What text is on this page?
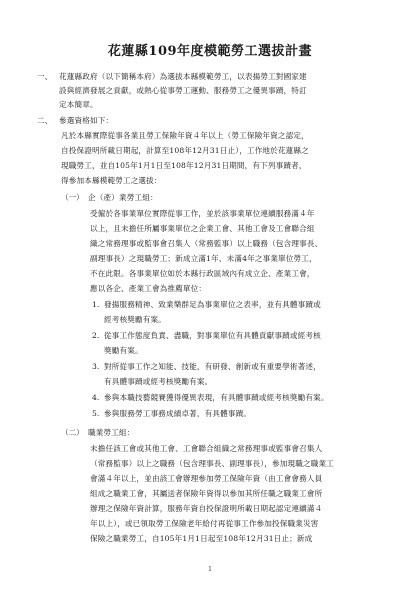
花蓮縣109年度模範勞工選拔計畫
一、 花蓮縣政府（以下簡稱本府）為選拔本縣模範勞工，以表揚勞工對國家建
設與經濟發展之貢獻，或熱心從事勞工運動、服務勞工之優異事蹟，特訂
定本簡章。
二、 參選資格如下：
凡於本縣實際從事各業且勞工保險年資４年以上（勞工保險年資之認定，
自投保證明所載日期起，計算至108年12月31日止），工作地於花蓮縣之
現職勞工，並自105年1月1日至108年12月31日期間，有下列事蹟者，
得參加本縣模範勞工之選拔：
（一） 企（產）業勞工組：
受僱於各事業單位實際從事工作，並於該事業單位連續服務滿４年
以上，且未擔任所屬事業單位之企業工會、其他工會及工會聯合組
織之常務理事或監事會召集人（常務監事）以上職務（包含理事長、
副理事長）之現職勞工；新成立滿1年、未滿4年之事業單位勞工，
不在此限。各事業單位如於本縣行政區域內有成立企、產業工會，
應以各企、產業工會為推薦單位：
1. 發揚服務精神、致業樂群足為事業單位之表率，並有具體事蹟或
經考核獎勵有案。
2. 從事工作態度負責、盡職，對事業單位有具體貢獻事蹟或經考核
獎勵有案。
3. 對所從事工作之知能、技能，有研發、創新或有重要學術著述，
有具體事蹟或經考核獎勵有案。
4. 參與本職技藝競賽獲得優異表現，有具體事蹟或經考核獎勵有案。
5. 參與服務勞工事務成績卓著，有具體事蹟。
（二） 職業勞工組：
未擔任該工會或其他工會、工會聯合組織之常務理事或監事會召集人
（常務監事）以上之職務（包含理事長、副理事長），參加現職之職業工
會滿４年以上，並由該工會辦理參加勞工保險年資（由工會會務人員
組成之職業工會，其屬送者保險年資得以參加其所任職之職業工會所
辦理之保險年資計算，服務年資自投保證明所載日期起認定連續滿４
年以上），或已領取勞工保險老年給付再從事工作參加投保職業災害
保險之職業勞工，自105年1月1日起至108年12月31日止；新成
1
